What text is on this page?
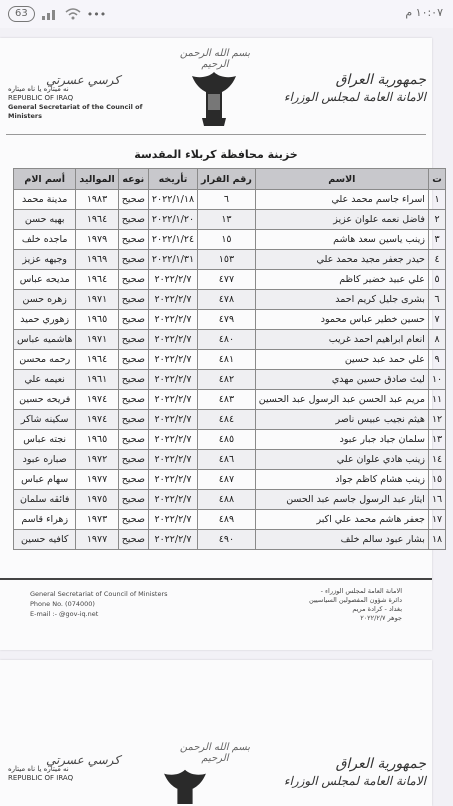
63	•••	١٠:٠٧ م
بسم الله الرحمن الرحيم
كرسي عسرتي
نه ميتاره يا ناه ميتاره
REPUBLIC OF IRAQ
General Secretariat of the Council of Ministers
جمهورية العراق
الامانة العامة لمجلس الوزراء
خزينة محافظة كربلاء المقدسة
ت	الاسم	رقم القرار	تأريخه	نوعه	المواليد	أسم الام
١	اسراء جاسم محمد علي	٦	٢٠٢٢/١/١٨	صحيح	١٩٨٣	مدينة محمد
٢	فاضل نعمه علوان عزيز	١٣	٢٠٢٢/١/٢٠	صحيح	١٩٦٤	بهيه حسن
٣	زينب ياسين سعد هاشم	١٥	٢٠٢٢/١/٢٤	صحيح	١٩٧٩	ماجده خلف
٤	حيدر جعفر مجيد محمد علي	١٥٣	٢٠٢٢/١/٣١	صحيح	١٩٦٩	وجيهه عزيز
٥	علي عبيد خضير كاظم	٤٧٧	٢٠٢٢/٢/٧	صحيح	١٩٦٤	مديحه عباس
٦	بشرى جليل كريم احمد	٤٧٨	٢٠٢٢/٢/٧	صحيح	١٩٧١	زهره حسن
٧	حسين خطير عباس محمود	٤٧٩	٢٠٢٢/٢/٧	صحيح	١٩٦٥	زهوري حميد
٨	انعام ابراهيم احمد غريب	٤٨٠	٢٠٢٢/٢/٧	صحيح	١٩٧١	هاشميه عباس
٩	علي حمد عبد حسين	٤٨١	٢٠٢٢/٢/٧	صحيح	١٩٦٤	رحمه محسن
١٠	ليث صادق حسين مهدي	٤٨٢	٢٠٢٢/٢/٧	صحيح	١٩٦١	نعيمه علي
١١	مريم عبد الحسن عبد الرسول عبد الحسين	٤٨٣	٢٠٢٢/٢/٧	صحيح	١٩٧٤	فريحه حسين
١٢	هيثم نجيب عبيس ناصر	٤٨٤	٢٠٢٢/٢/٧	صحيح	١٩٧٤	سكينه شاكر
١٣	سلمان جياد جبار عبود	٤٨٥	٢٠٢٢/٢/٧	صحيح	١٩٦٥	نجته عباس
١٤	زينب هادي علوان علي	٤٨٦	٢٠٢٢/٢/٧	صحيح	١٩٧٢	صباره عبود
١٥	زينب هشام كاظم جواد	٤٨٧	٢٠٢٢/٢/٧	صحيح	١٩٧٧	سهام عباس
١٦	ايثار عبد الرسول جاسم عبد الحسن	٤٨٨	٢٠٢٢/٢/٧	صحيح	١٩٧٥	فائقه سلمان
١٧	جعفر هاشم محمد علي اكبر	٤٨٩	٢٠٢٢/٢/٧	صحيح	١٩٧٣	زهراء قاسم
١٨	بشار عبود سالم خلف	٤٩٠	٢٠٢٢/٢/٧	صحيح	١٩٧٧	كافيه حسين
General Secretariat of Council of Ministers
Phone No. (074000)
E-mail :- @gov-iq.net
الامانة العامة لمجلس الوزراء -
دائرة شؤون المفصولين السياسيين
بغداد - كرادة مريم
جوهر ٢٠٢٢/٢/٧
بسم الله الرحمن الرحيم
كرسي عسرتي
نه ميتاره يا ناه ميتاره
REPUBLIC OF IRAQ
جمهورية العراق
الامانة العامة لمجلس الوزراء
